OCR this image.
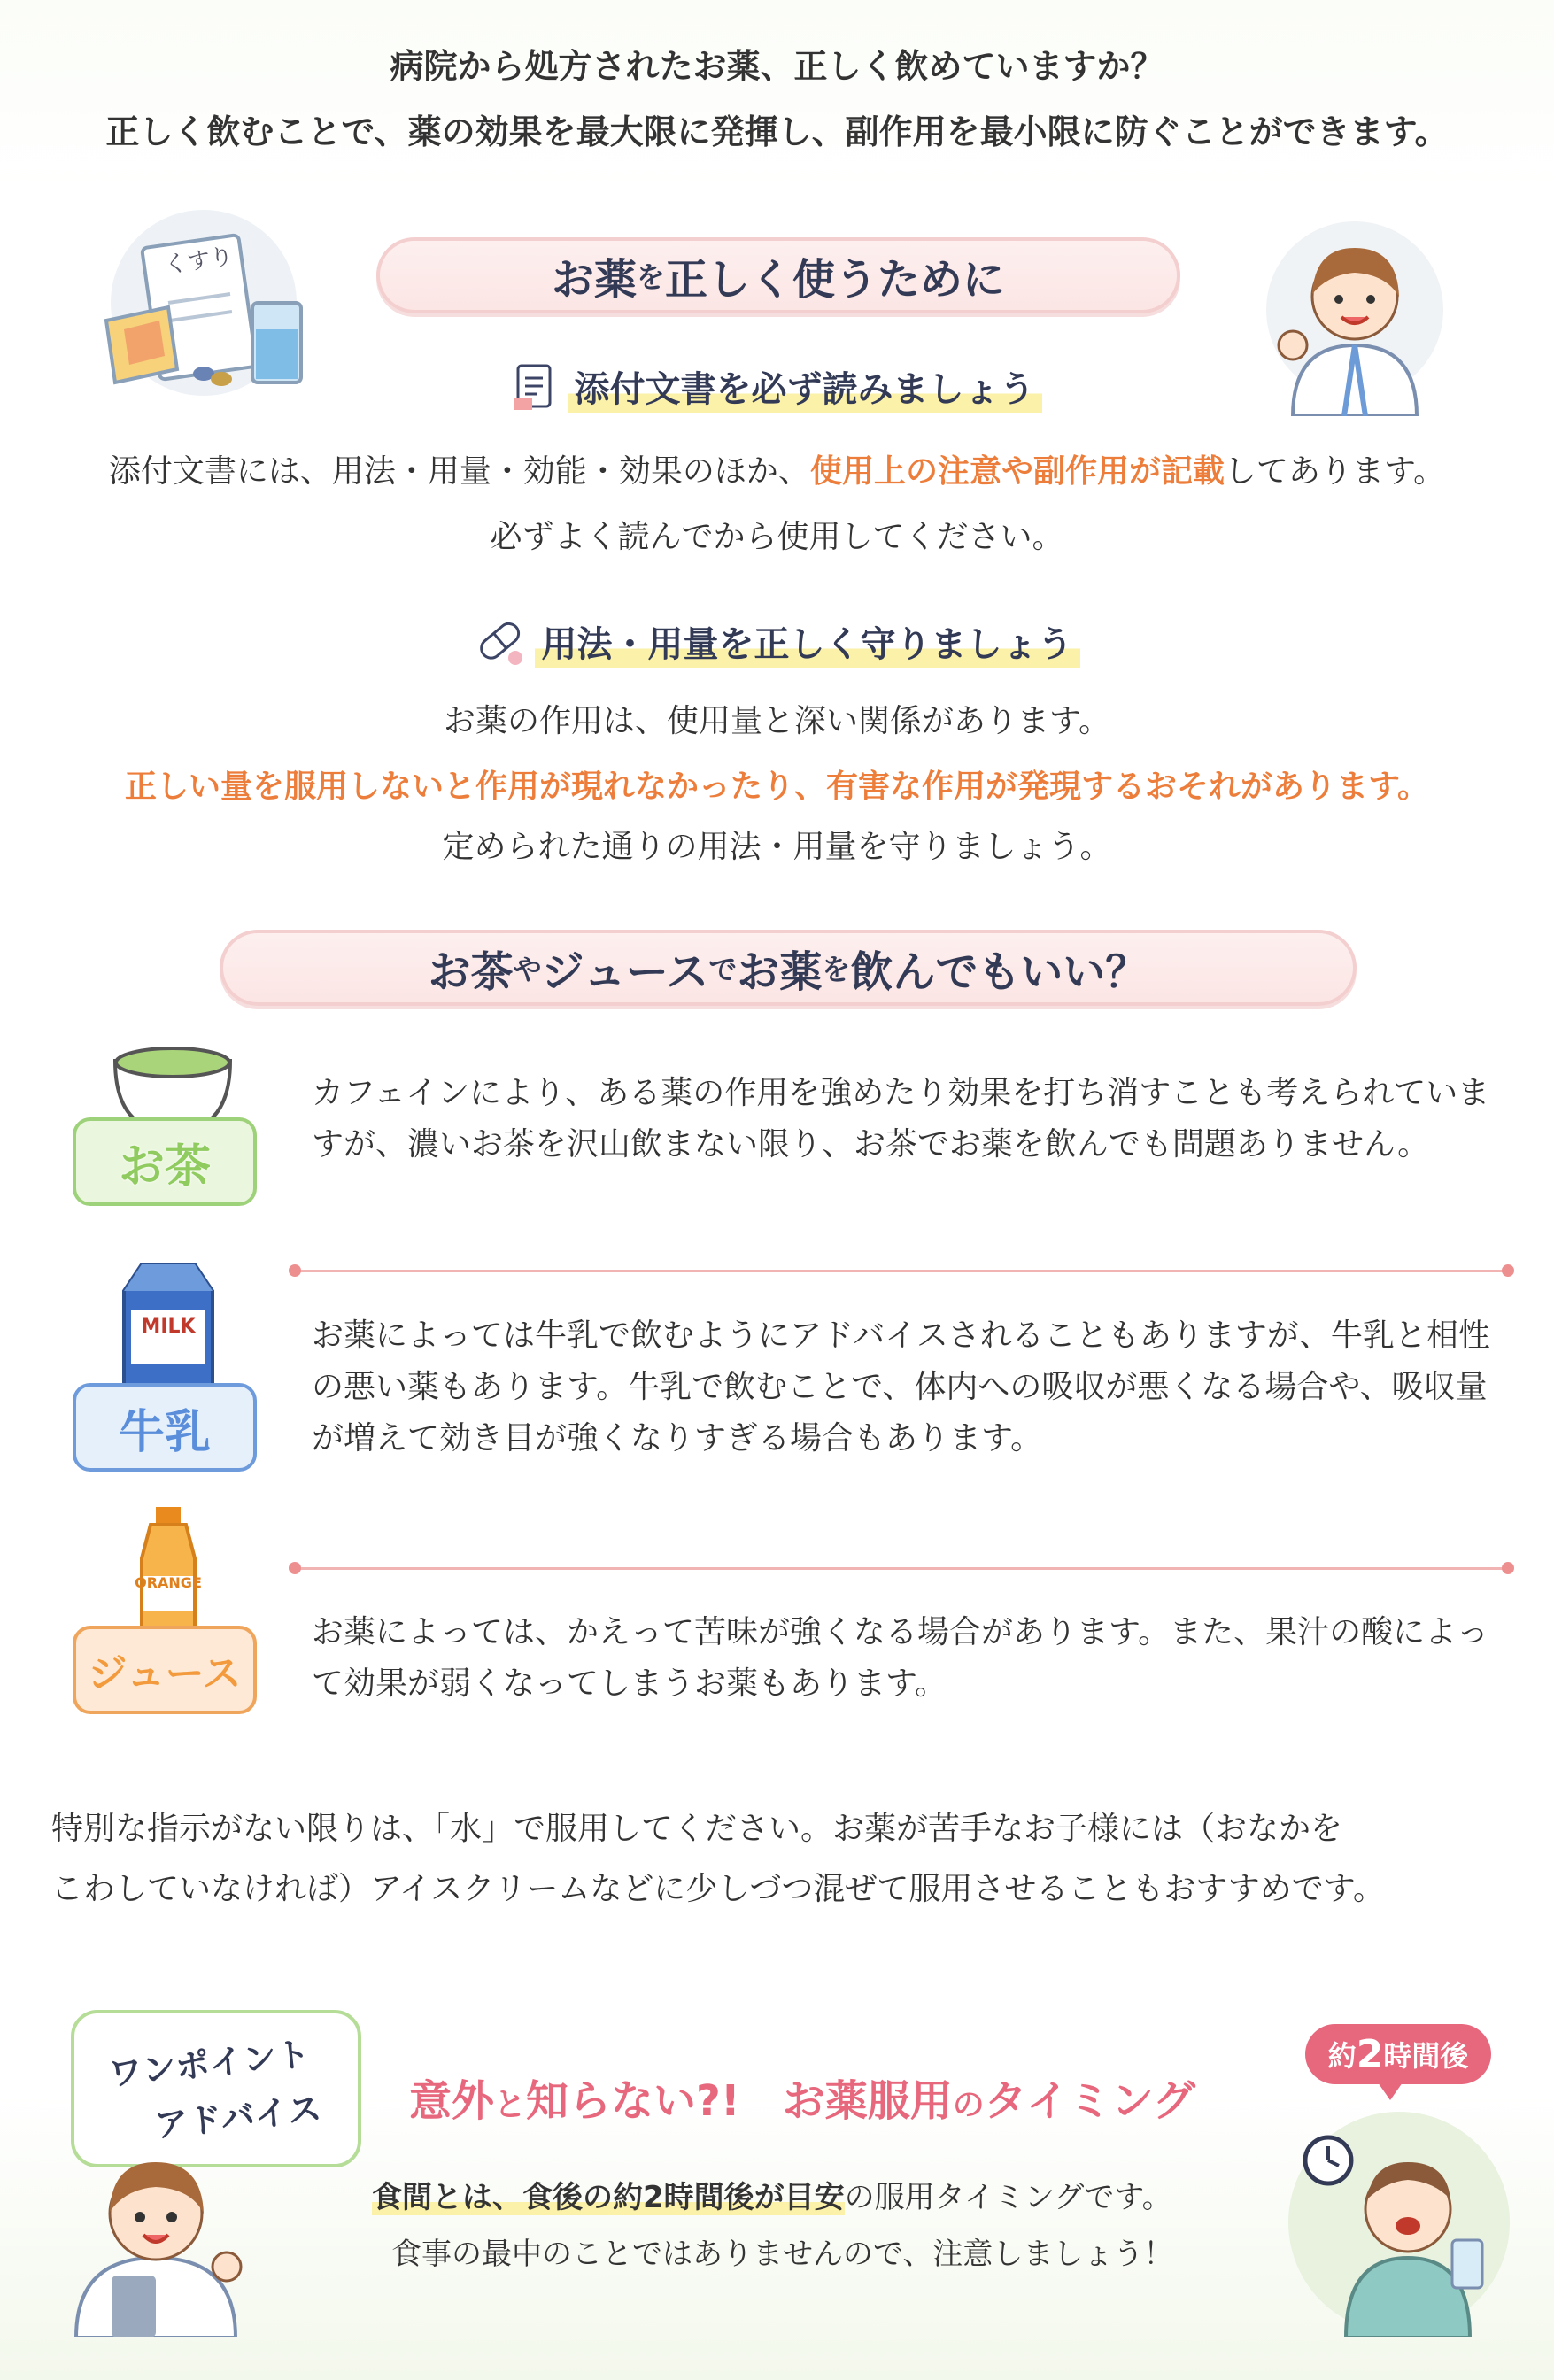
病院から処方されたお薬、正しく飲めていますか？
正しく飲むことで、薬の効果を最大限に発揮し、副作用を最小限に防ぐことができます。
くすり	お薬 を 正しく使うために
添付文書を必ず読みましょう
添付文書には、用法・用量・効能・効果のほか、使用上の注意や副作用が記載してあります。
必ずよく読んでから使用してください。
用法・用量を正しく守りましょう
お薬の作用は、使用量と深い関係があります。
正しい量を服用しないと作用が現れなかったり、有害な作用が発現するおそれがあります。
定められた通りの用法・用量を守りましょう。
お茶 や ジュース で お薬 を 飲んでもいい？
お茶
カフェインにより、ある薬の作用を強めたり効果を打ち消すことも考えられていますが、濃いお茶を沢山飲まない限り、お茶でお薬を飲んでも問題ありません。
MILK
牛乳
お薬によっては牛乳で飲むようにアドバイスされることもありますが、牛乳と相性の悪い薬もあります。牛乳で飲むことで、体内への吸収が悪くなる場合や、吸収量が増えて効き目が強くなりすぎる場合もあります。
ORANGE
ジュース
お薬によっては、かえって苦味が強くなる場合があります。また、果汁の酸によって効果が弱くなってしまうお薬もあります。
特別な指示がない限りは、「水」で服用してください。お薬が苦手なお子様には（おなかを
こわしていなければ）アイスクリームなどに少しづつ混ぜて服用させることもおすすめです。
ワンポイント
アドバイス 意外と知らない?!　お薬服用のタイミング
食間とは、食後の約2時間後が目安の服用タイミングです。
食事の最中のことではありませんので、注意しましょう！
約 2 時間後
